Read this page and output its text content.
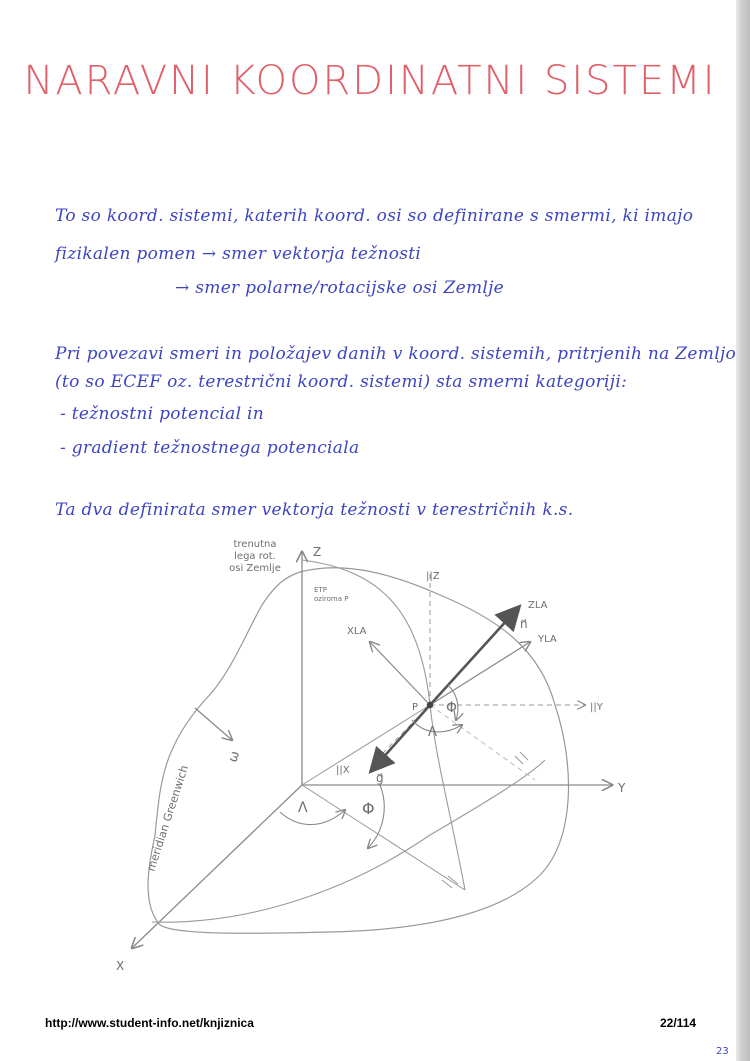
NARAVNI KOORDINATNI SISTEMI
To so koord. sistemi, katerih koord. osi so definirane s smermi, ki imajo
fizikalen pomen → smer vektorja težnosti
→ smer polarne/rotacijske osi Zemlje
Pri povezavi smeri in položajev danih v koord. sistemih, pritrjenih na Zemljo
(to so ECEF oz. terestrični koord. sistemi) sta smerni kategoriji:
- težnostni potencial in
- gradient težnostnega potenciala
Ta dva definirata smer vektorja težnosti v terestričnih k.s.
Z
Y
X
trenutna
lega rot.
osi Zemlje
ETP
oziroma P
||Z
||Y
||X
ZLA
YLA
XLA
n⃗
g⃗
P
Λ
Λ
Φ
Φ
meridian Greenwich
ω
http://www.student-info.net/knjiznica	22/114
23
